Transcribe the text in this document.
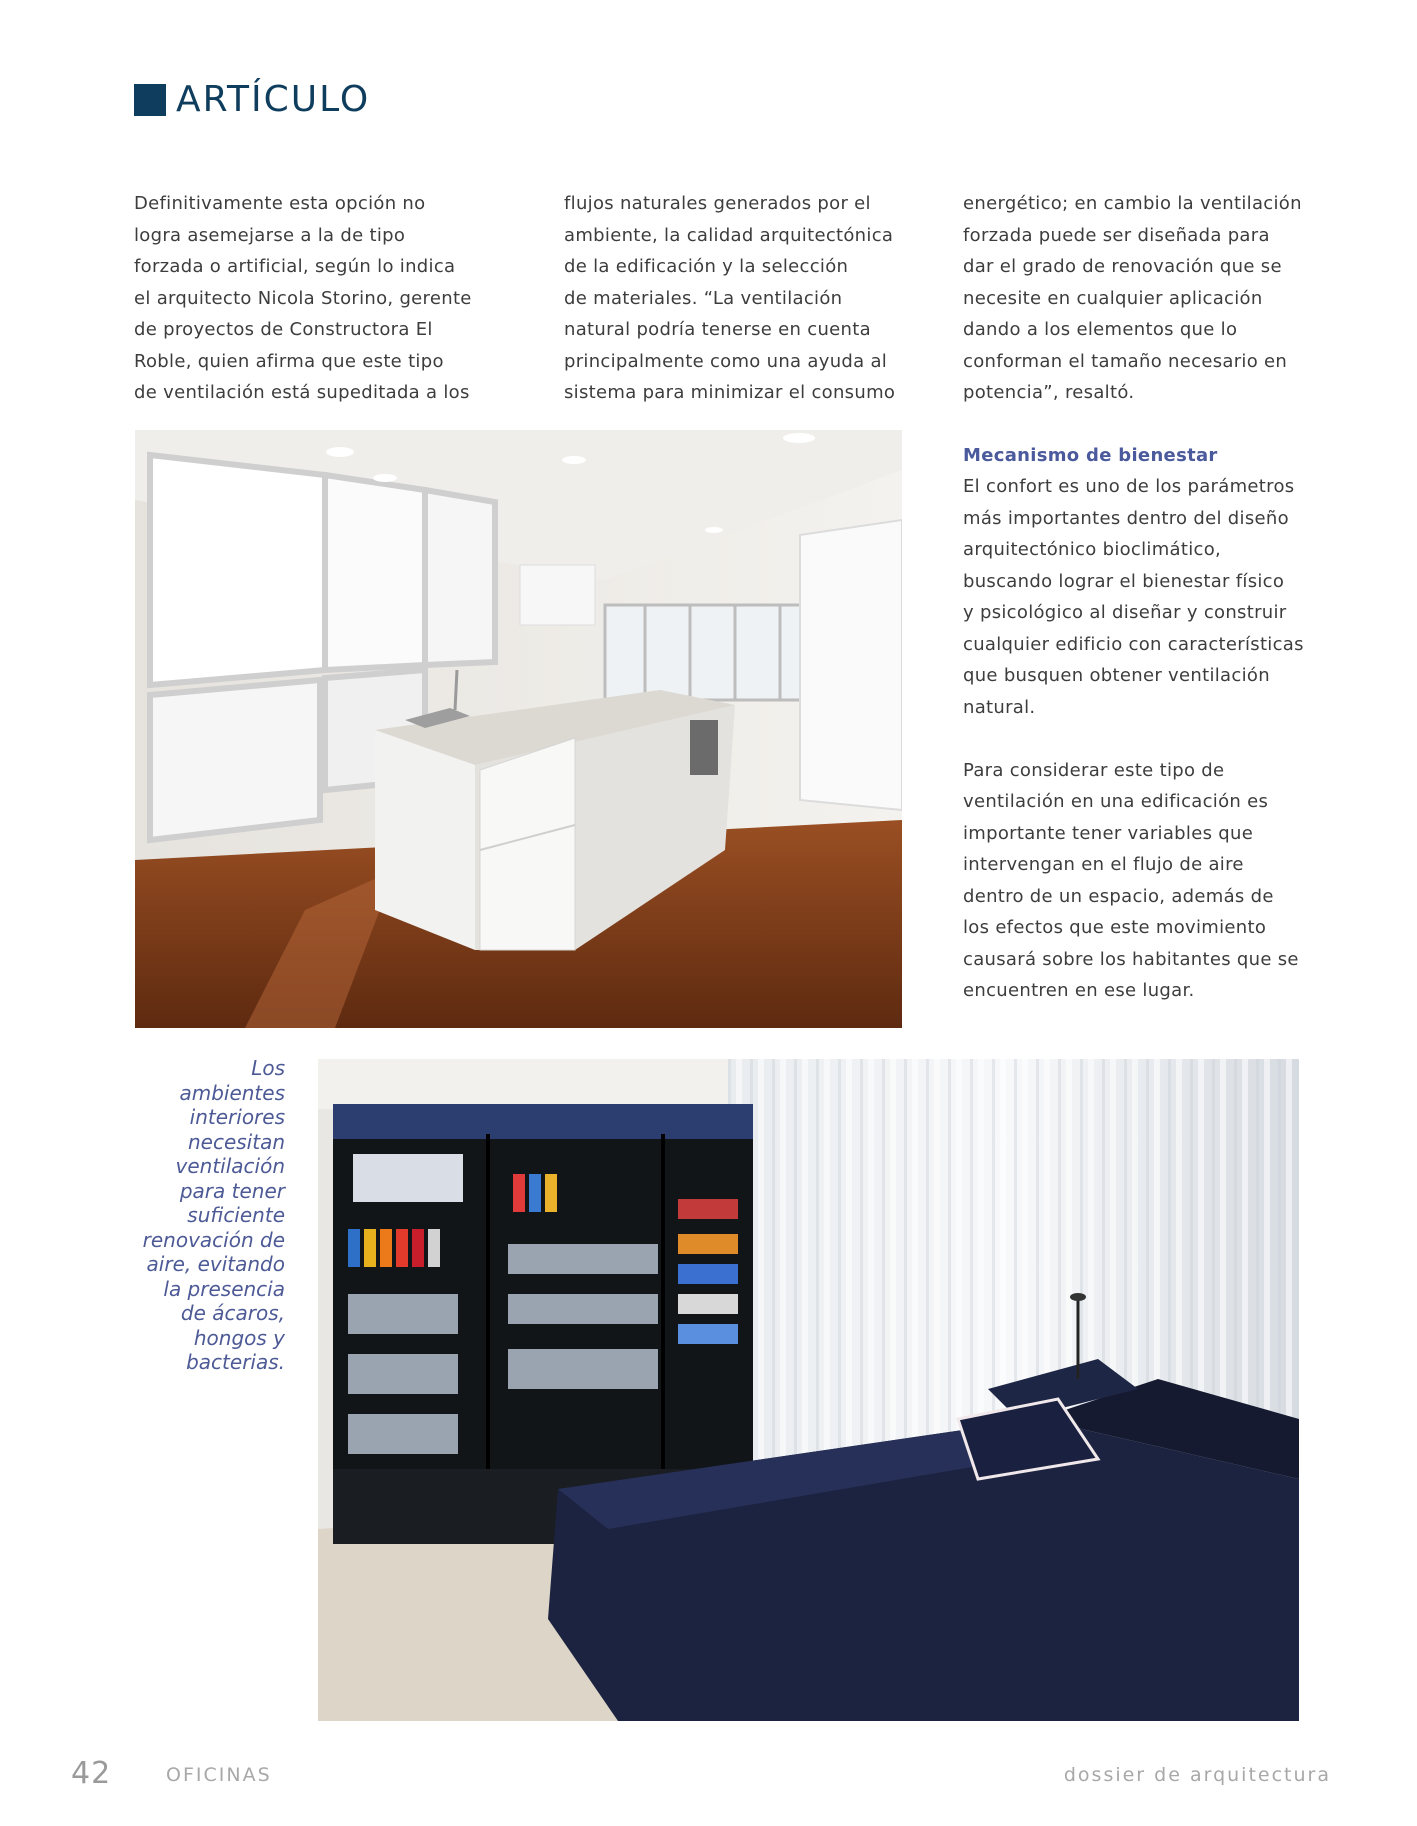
ARTÍCULO

Definitivamente esta opción no
logra asemejarse a la de tipo
forzada o artificial, según lo indica
el arquitecto Nicola Storino, gerente
de proyectos de Constructora El
Roble, quien afirma que este tipo
de ventilación está supeditada a los

flujos naturales generados por el
ambiente, la calidad arquitectónica
de la edificación y la selección
de materiales. “La ventilación
natural podría tenerse en cuenta
principalmente como una ayuda al
sistema para minimizar el consumo

energético; en cambio la ventilación
forzada puede ser diseñada para
dar el grado de renovación que se
necesite en cualquier aplicación
dando a los elementos que lo
conforman el tamaño necesario en
potencia”, resaltó.

Mecanismo de bienestar

El confort es uno de los parámetros
más importantes dentro del diseño
arquitectónico bioclimático,
buscando lograr el bienestar físico
y psicológico al diseñar y construir
cualquier edificio con características
que busquen obtener ventilación
natural.

Para considerar este tipo de
ventilación en una edificación es
importante tener variables que
intervengan en el flujo de aire
dentro de un espacio, además de
los efectos que este movimiento
causará sobre los habitantes que se
encuentren en ese lugar.

Los
ambientes
interiores
necesitan
ventilación
para tener
suficiente
renovación de
aire, evitando
la presencia
de ácaros,
hongos y
bacterias.

42	OFICINAS	dossier de arquitectura
